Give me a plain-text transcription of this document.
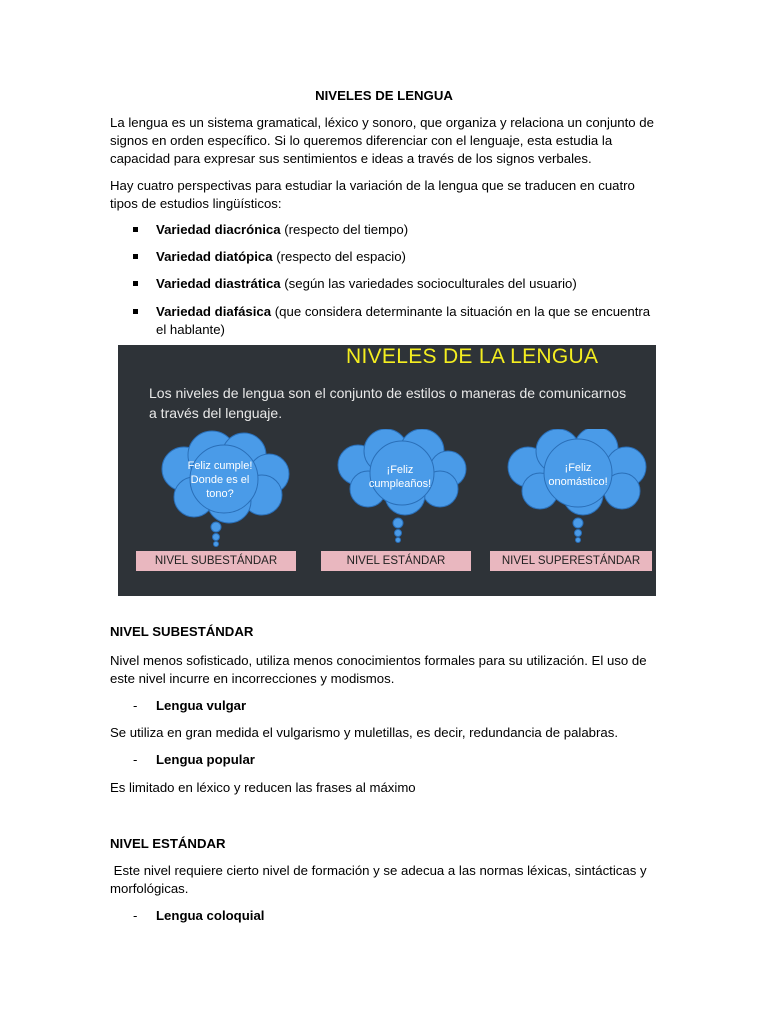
NIVELES DE LENGUA

La lengua es un sistema gramatical, léxico y sonoro, que organiza y relaciona un conjunto de signos en orden específico. Si lo queremos diferenciar con el lenguaje, esta estudia la capacidad para expresar sus sentimientos e ideas a través de los signos verbales.

Hay cuatro perspectivas para estudiar la variación de la lengua que se traducen en cuatro tipos de estudios lingüísticos:

Variedad diacrónica (respecto del tiempo)
Variedad diatópica (respecto del espacio)
Variedad diastrática (según las variedades socioculturales del usuario)
Variedad diafásica (que considera determinante la situación en la que se encuentra el hablante)
NIVELES DE LA LENGUA
Los niveles de lengua son el conjunto de estilos o maneras de comunicarnos a través del lenguaje.
Feliz cumple!
Donde es el
tono?
¡Feliz
cumpleaños!
¡Feliz
onomástico!
NIVEL SUBESTÁNDAR	NIVEL ESTÁNDAR	NIVEL SUPERESTÁNDAR

NIVEL SUBESTÁNDAR

Nivel menos sofisticado, utiliza menos conocimientos formales para su utilización. El uso de este nivel incurre en incorrecciones y modismos.

- Lengua vulgar

Se utiliza en gran medida el vulgarismo y muletillas, es decir, redundancia de palabras.

- Lengua popular

Es limitado en léxico y reducen las frases al máximo

NIVEL ESTÁNDAR

Este nivel requiere cierto nivel de formación y se adecua a las normas léxicas, sintácticas y morfológicas.

- Lengua coloquial
